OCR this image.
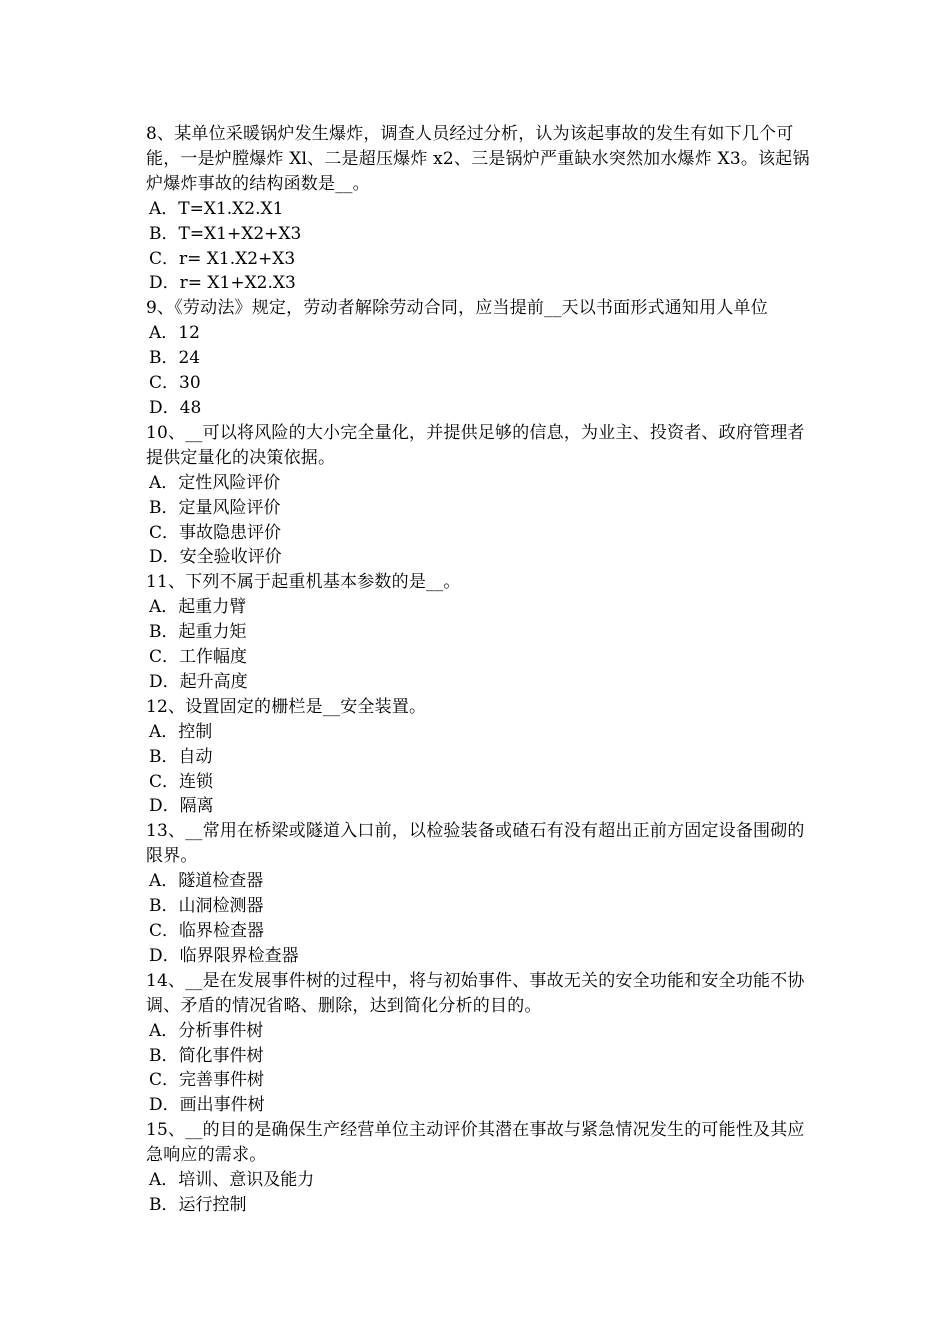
8、某单位采暖锅炉发生爆炸，调查人员经过分析，认为该起事故的发生有如下几个可能，一是炉膛爆炸 Xl、二是超压爆炸 x2、三是锅炉严重缺水突然加水爆炸 X3。该起锅炉爆炸事故的结构函数是__。

A．T=X1.X2.X1

B．T=X1+X2+X3

C．r= X1.X2+X3

D．r= X1+X2.X3

9、《劳动法》规定，劳动者解除劳动合同，应当提前__天以书面形式通知用人单位

A．12

B．24

C．30

D．48

10、__可以将风险的大小完全量化，并提供足够的信息，为业主、投资者、政府管理者提供定量化的决策依据。

A．定性风险评价

B．定量风险评价

C．事故隐患评价

D．安全验收评价

11、下列不属于起重机基本参数的是__。

A．起重力臂

B．起重力矩

C．工作幅度

D．起升高度

12、设置固定的栅栏是__安全装置。

A．控制

B．自动

C．连锁

D．隔离

13、__常用在桥梁或隧道入口前，以检验装备或碴石有没有超出正前方固定设备围砌的限界。

A．隧道检查器

B．山洞检测器

C．临界检查器

D．临界限界检查器

14、__是在发展事件树的过程中，将与初始事件、事故无关的安全功能和安全功能不协调、矛盾的情况省略、删除，达到简化分析的目的。

A．分析事件树

B．简化事件树

C．完善事件树

D．画出事件树

15、__的目的是确保生产经营单位主动评价其潜在事故与紧急情况发生的可能性及其应急响应的需求。

A．培训、意识及能力

B．运行控制
